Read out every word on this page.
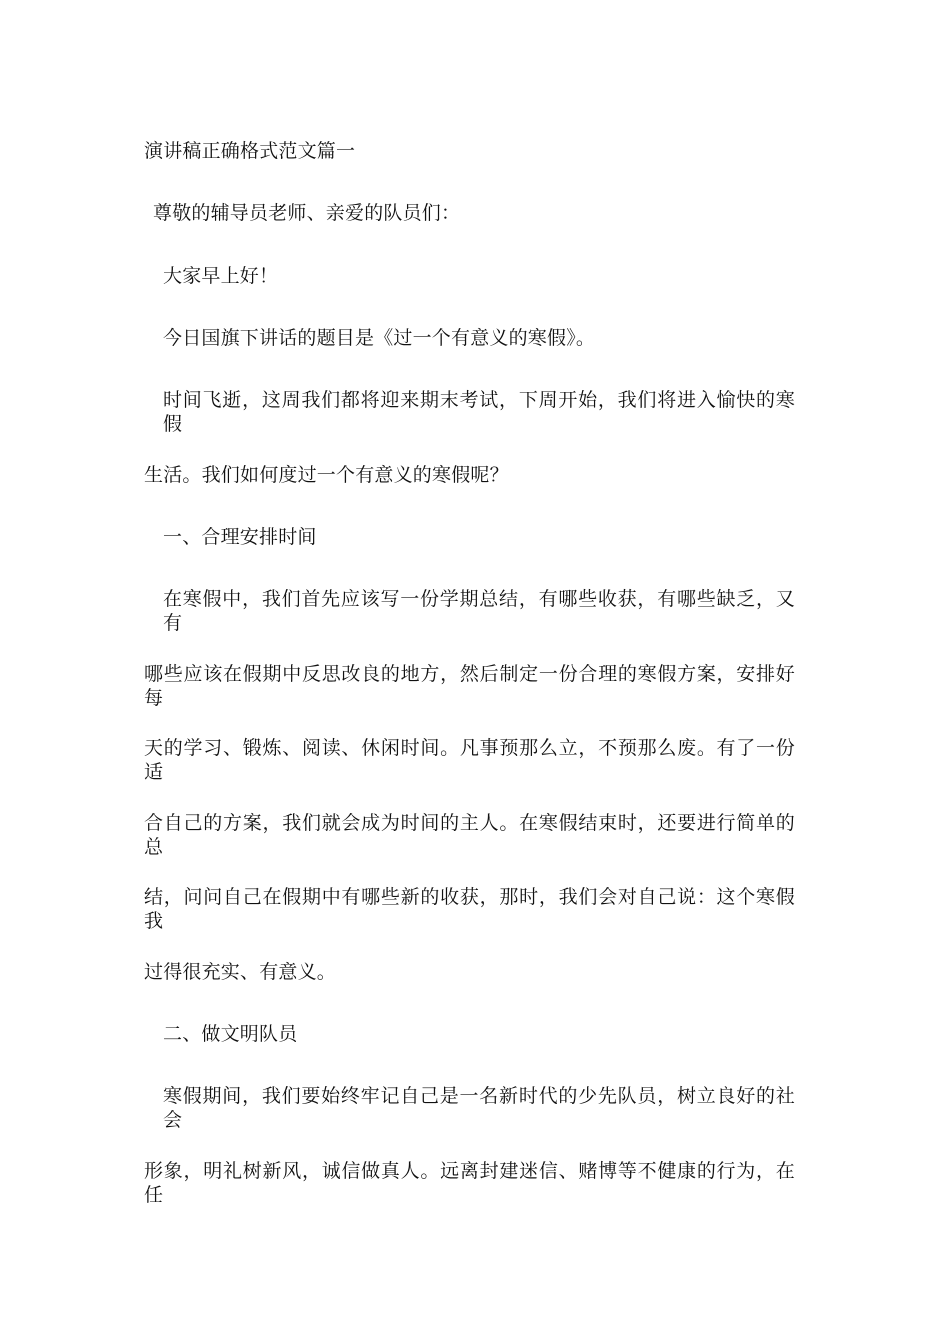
演讲稿正确格式范文篇一
尊敬的辅导员老师、亲爱的队员们：
大家早上好！
今日国旗下讲话的题目是《过一个有意义的寒假》。
时间飞逝，这周我们都将迎来期末考试，下周开始，我们将进入愉快的寒假
生活。我们如何度过一个有意义的寒假呢？
一、合理安排时间
在寒假中，我们首先应该写一份学期总结，有哪些收获，有哪些缺乏，又有
哪些应该在假期中反思改良的地方，然后制定一份合理的寒假方案，安排好每
天的学习、锻炼、阅读、休闲时间。凡事预那么立，不预那么废。有了一份适
合自己的方案，我们就会成为时间的主人。在寒假结束时，还要进行简单的总
结，问问自己在假期中有哪些新的收获，那时，我们会对自己说：这个寒假我
过得很充实、有意义。
二、做文明队员
寒假期间，我们要始终牢记自己是一名新时代的少先队员，树立良好的社会
形象，明礼树新风，诚信做真人。远离封建迷信、赌博等不健康的行为，在任
